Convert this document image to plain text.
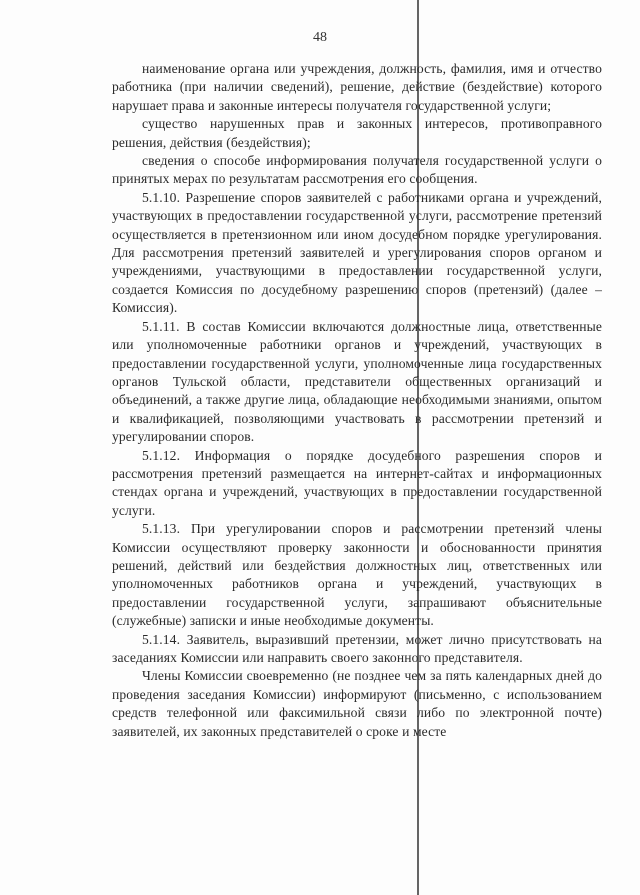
48

наименование органа или учреждения, должность, фамилия, имя и отчество работника (при наличии сведений), решение, действие (бездействие) которого нарушает права и законные интересы получателя государственной услуги;

существо нарушенных прав и законных интересов, противоправного решения, действия (бездействия);

сведения о способе информирования получателя государственной услуги о принятых мерах по результатам рассмотрения его сообщения.

5.1.10. Разрешение споров заявителей с работниками органа и учреждений, участвующих в предоставлении государственной услуги, рассмотрение претензий осуществляется в претензионном или ином досудебном порядке урегулирования. Для рассмотрения претензий заявителей и урегулирования споров органом и учреждениями, участвующими в предоставлении государственной услуги, создается Комиссия по досудебному разрешению споров (претензий) (далее – Комиссия).

5.1.11. В состав Комиссии включаются должностные лица, ответственные или уполномоченные работники органов и учреждений, участвующих в предоставлении государственной услуги, уполномоченные лица государственных органов Тульской области, представители общественных организаций и объединений, а также другие лица, обладающие необходимыми знаниями, опытом и квалификацией, позволяющими участвовать в рассмотрении претензий и урегулировании споров.

5.1.12. Информация о порядке досудебного разрешения споров и рассмотрения претензий размещается на интернет-сайтах и информационных стендах органа и учреждений, участвующих в предоставлении государственной услуги.

5.1.13. При урегулировании споров и рассмотрении претензий члены Комиссии осуществляют проверку законности и обоснованности принятия решений, действий или бездействия должностных лиц, ответственных или уполномоченных работников органа и учреждений, участвующих в предоставлении государственной услуги, запрашивают объяснительные (служебные) записки и иные необходимые документы.

5.1.14. Заявитель, выразивший претензии, может лично присутствовать на заседаниях Комиссии или направить своего законного представителя.

Члены Комиссии своевременно (не позднее чем за пять календарных дней до проведения заседания Комиссии) информируют (письменно, с использованием средств телефонной или факсимильной связи либо по электронной почте) заявителей, их законных представителей о сроке и месте
